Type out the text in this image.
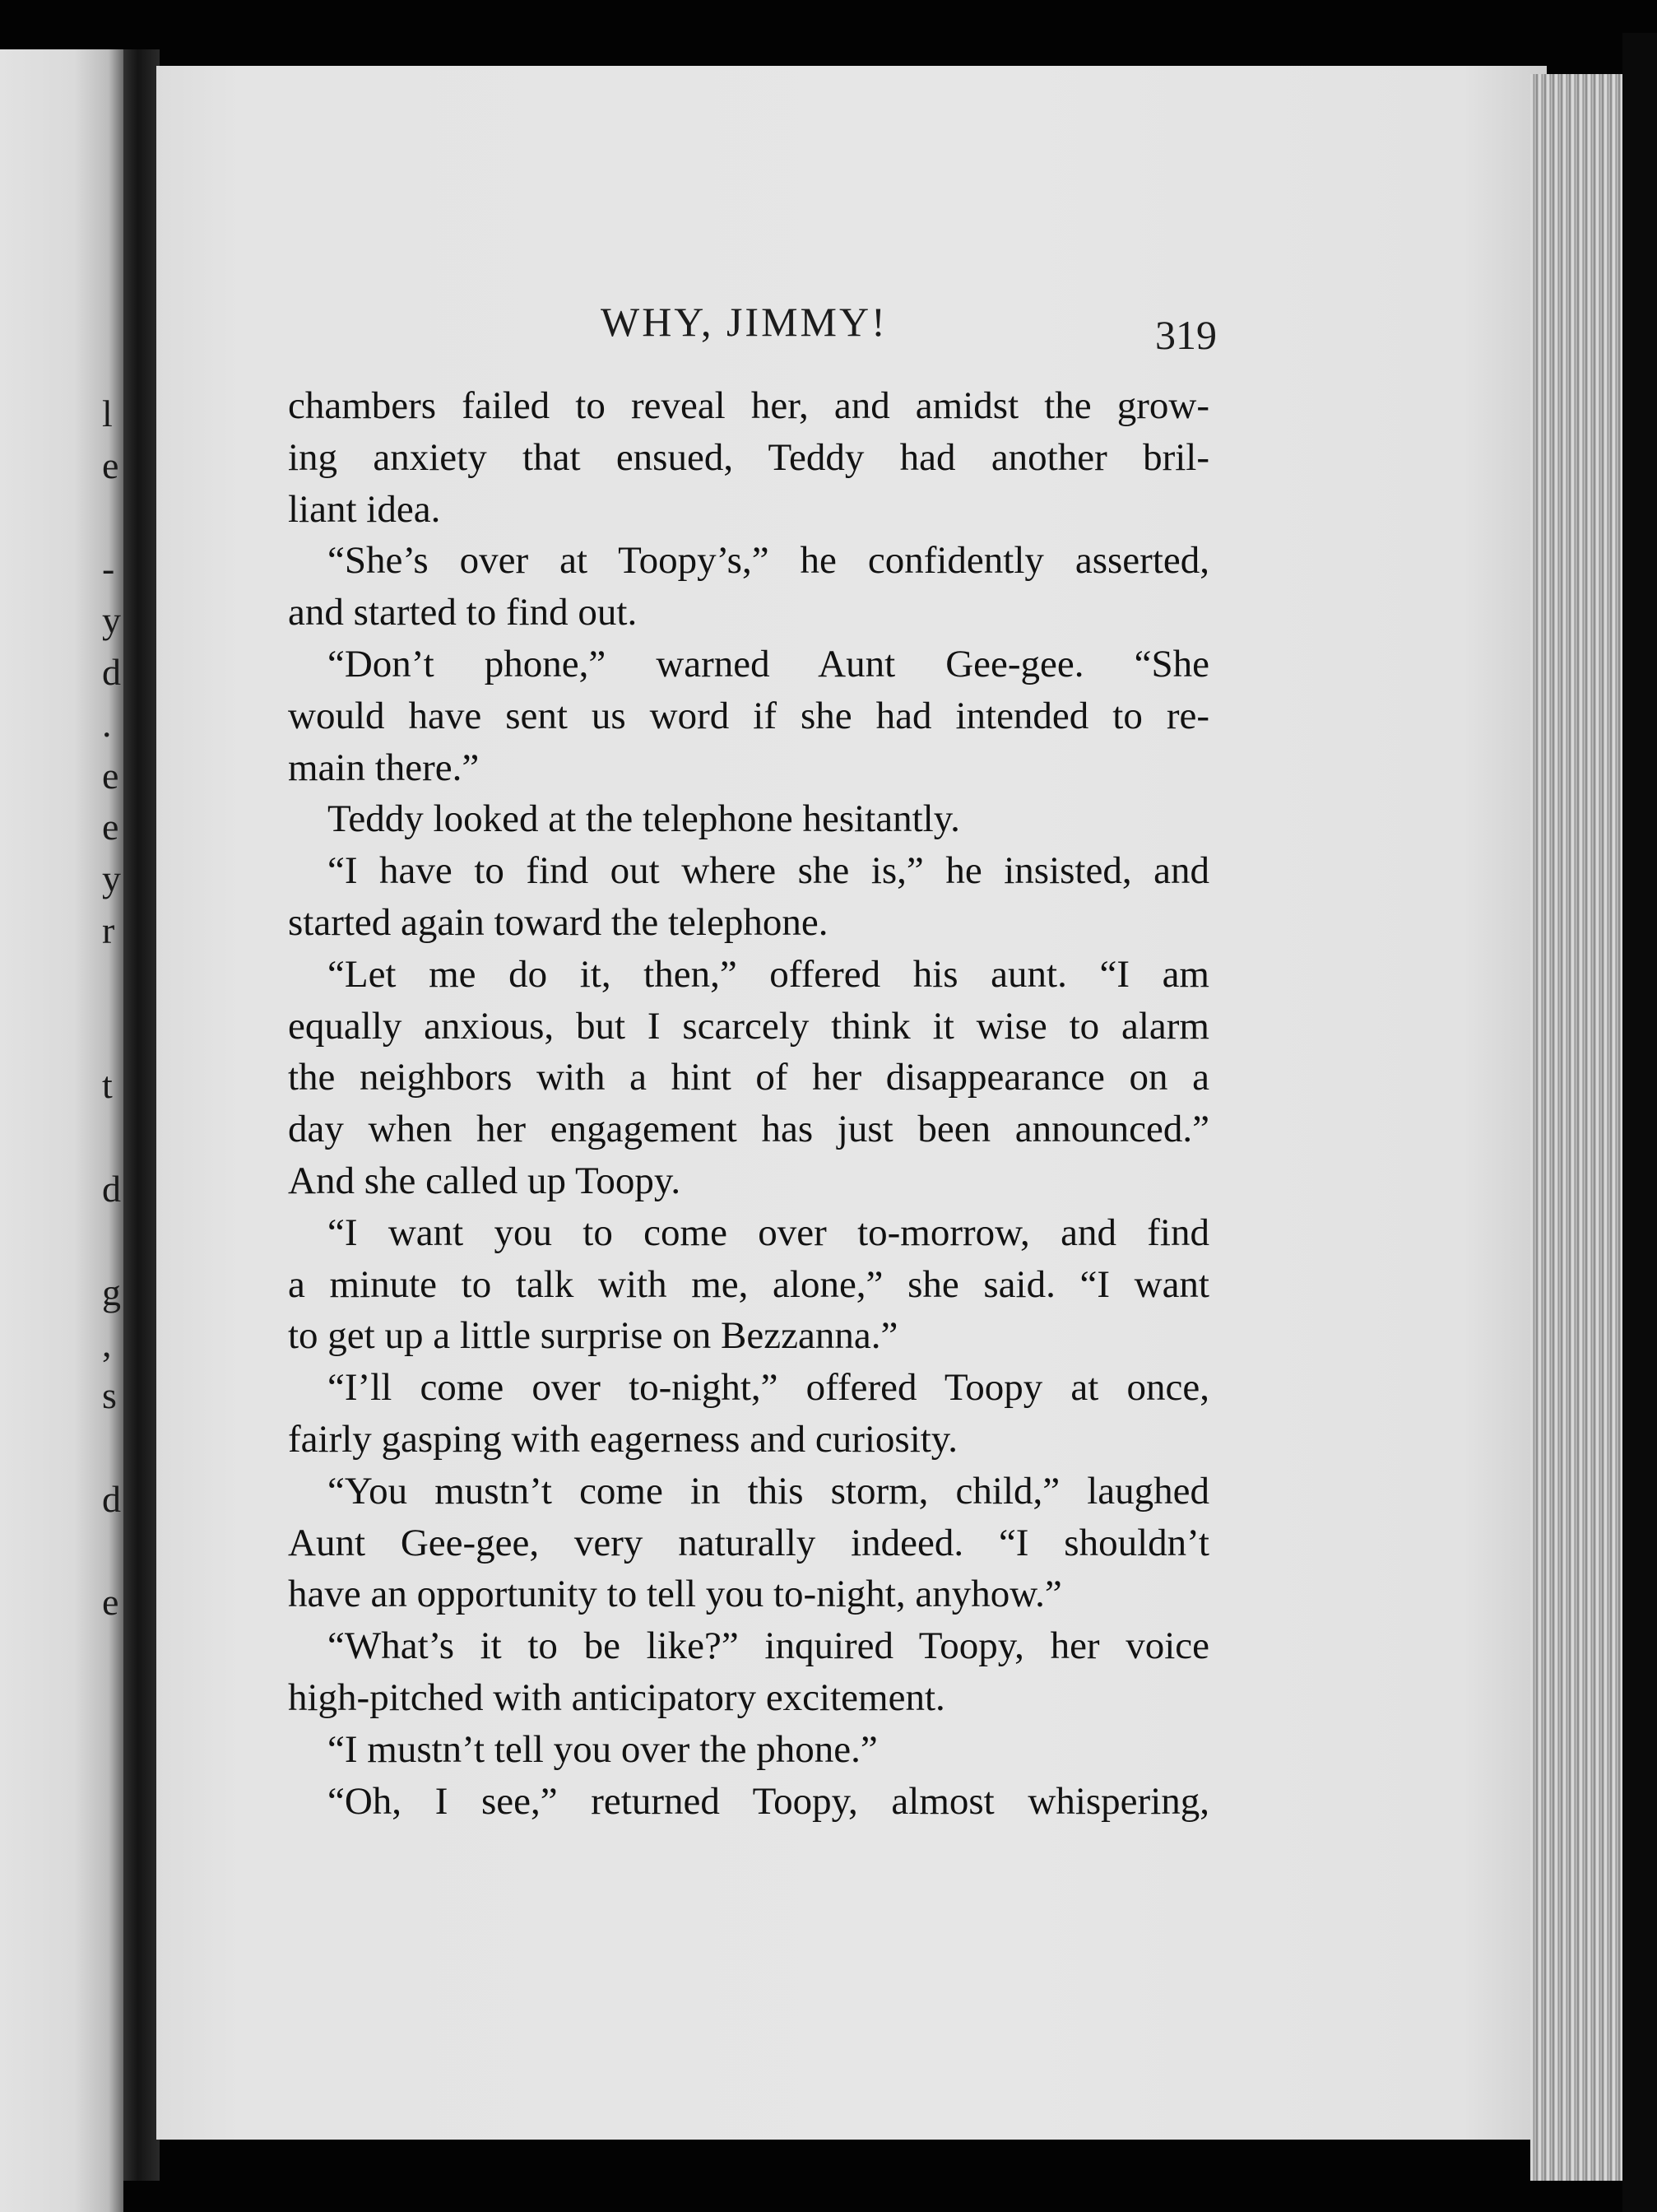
l
e
-
y
d
.
e
e
y
r
t
d
g
,
s
d
e
WHY, JIMMY!	319
chambers failed to reveal her, and amidst the grow-
ing anxiety that ensued, Teddy had another bril-
liant idea.
“She’s over at Toopy’s,” he confidently asserted,
and started to find out.
“Don’t phone,” warned Aunt Gee-gee. “She
would have sent us word if she had intended to re-
main there.”
Teddy looked at the telephone hesitantly.
“I have to find out where she is,” he insisted, and
started again toward the telephone.
“Let me do it, then,” offered his aunt. “I am
equally anxious, but I scarcely think it wise to alarm
the neighbors with a hint of her disappearance on a
day when her engagement has just been announced.”
And she called up Toopy.
“I want you to come over to-morrow, and find
a minute to talk with me, alone,” she said. “I want
to get up a little surprise on Bezzanna.”
“I’ll come over to-night,” offered Toopy at once,
fairly gasping with eagerness and curiosity.
“You mustn’t come in this storm, child,” laughed
Aunt Gee-gee, very naturally indeed. “I shouldn’t
have an opportunity to tell you to-night, anyhow.”
“What’s it to be like?” inquired Toopy, her voice
high-pitched with anticipatory excitement.
“I mustn’t tell you over the phone.”
“Oh, I see,” returned Toopy, almost whispering,
